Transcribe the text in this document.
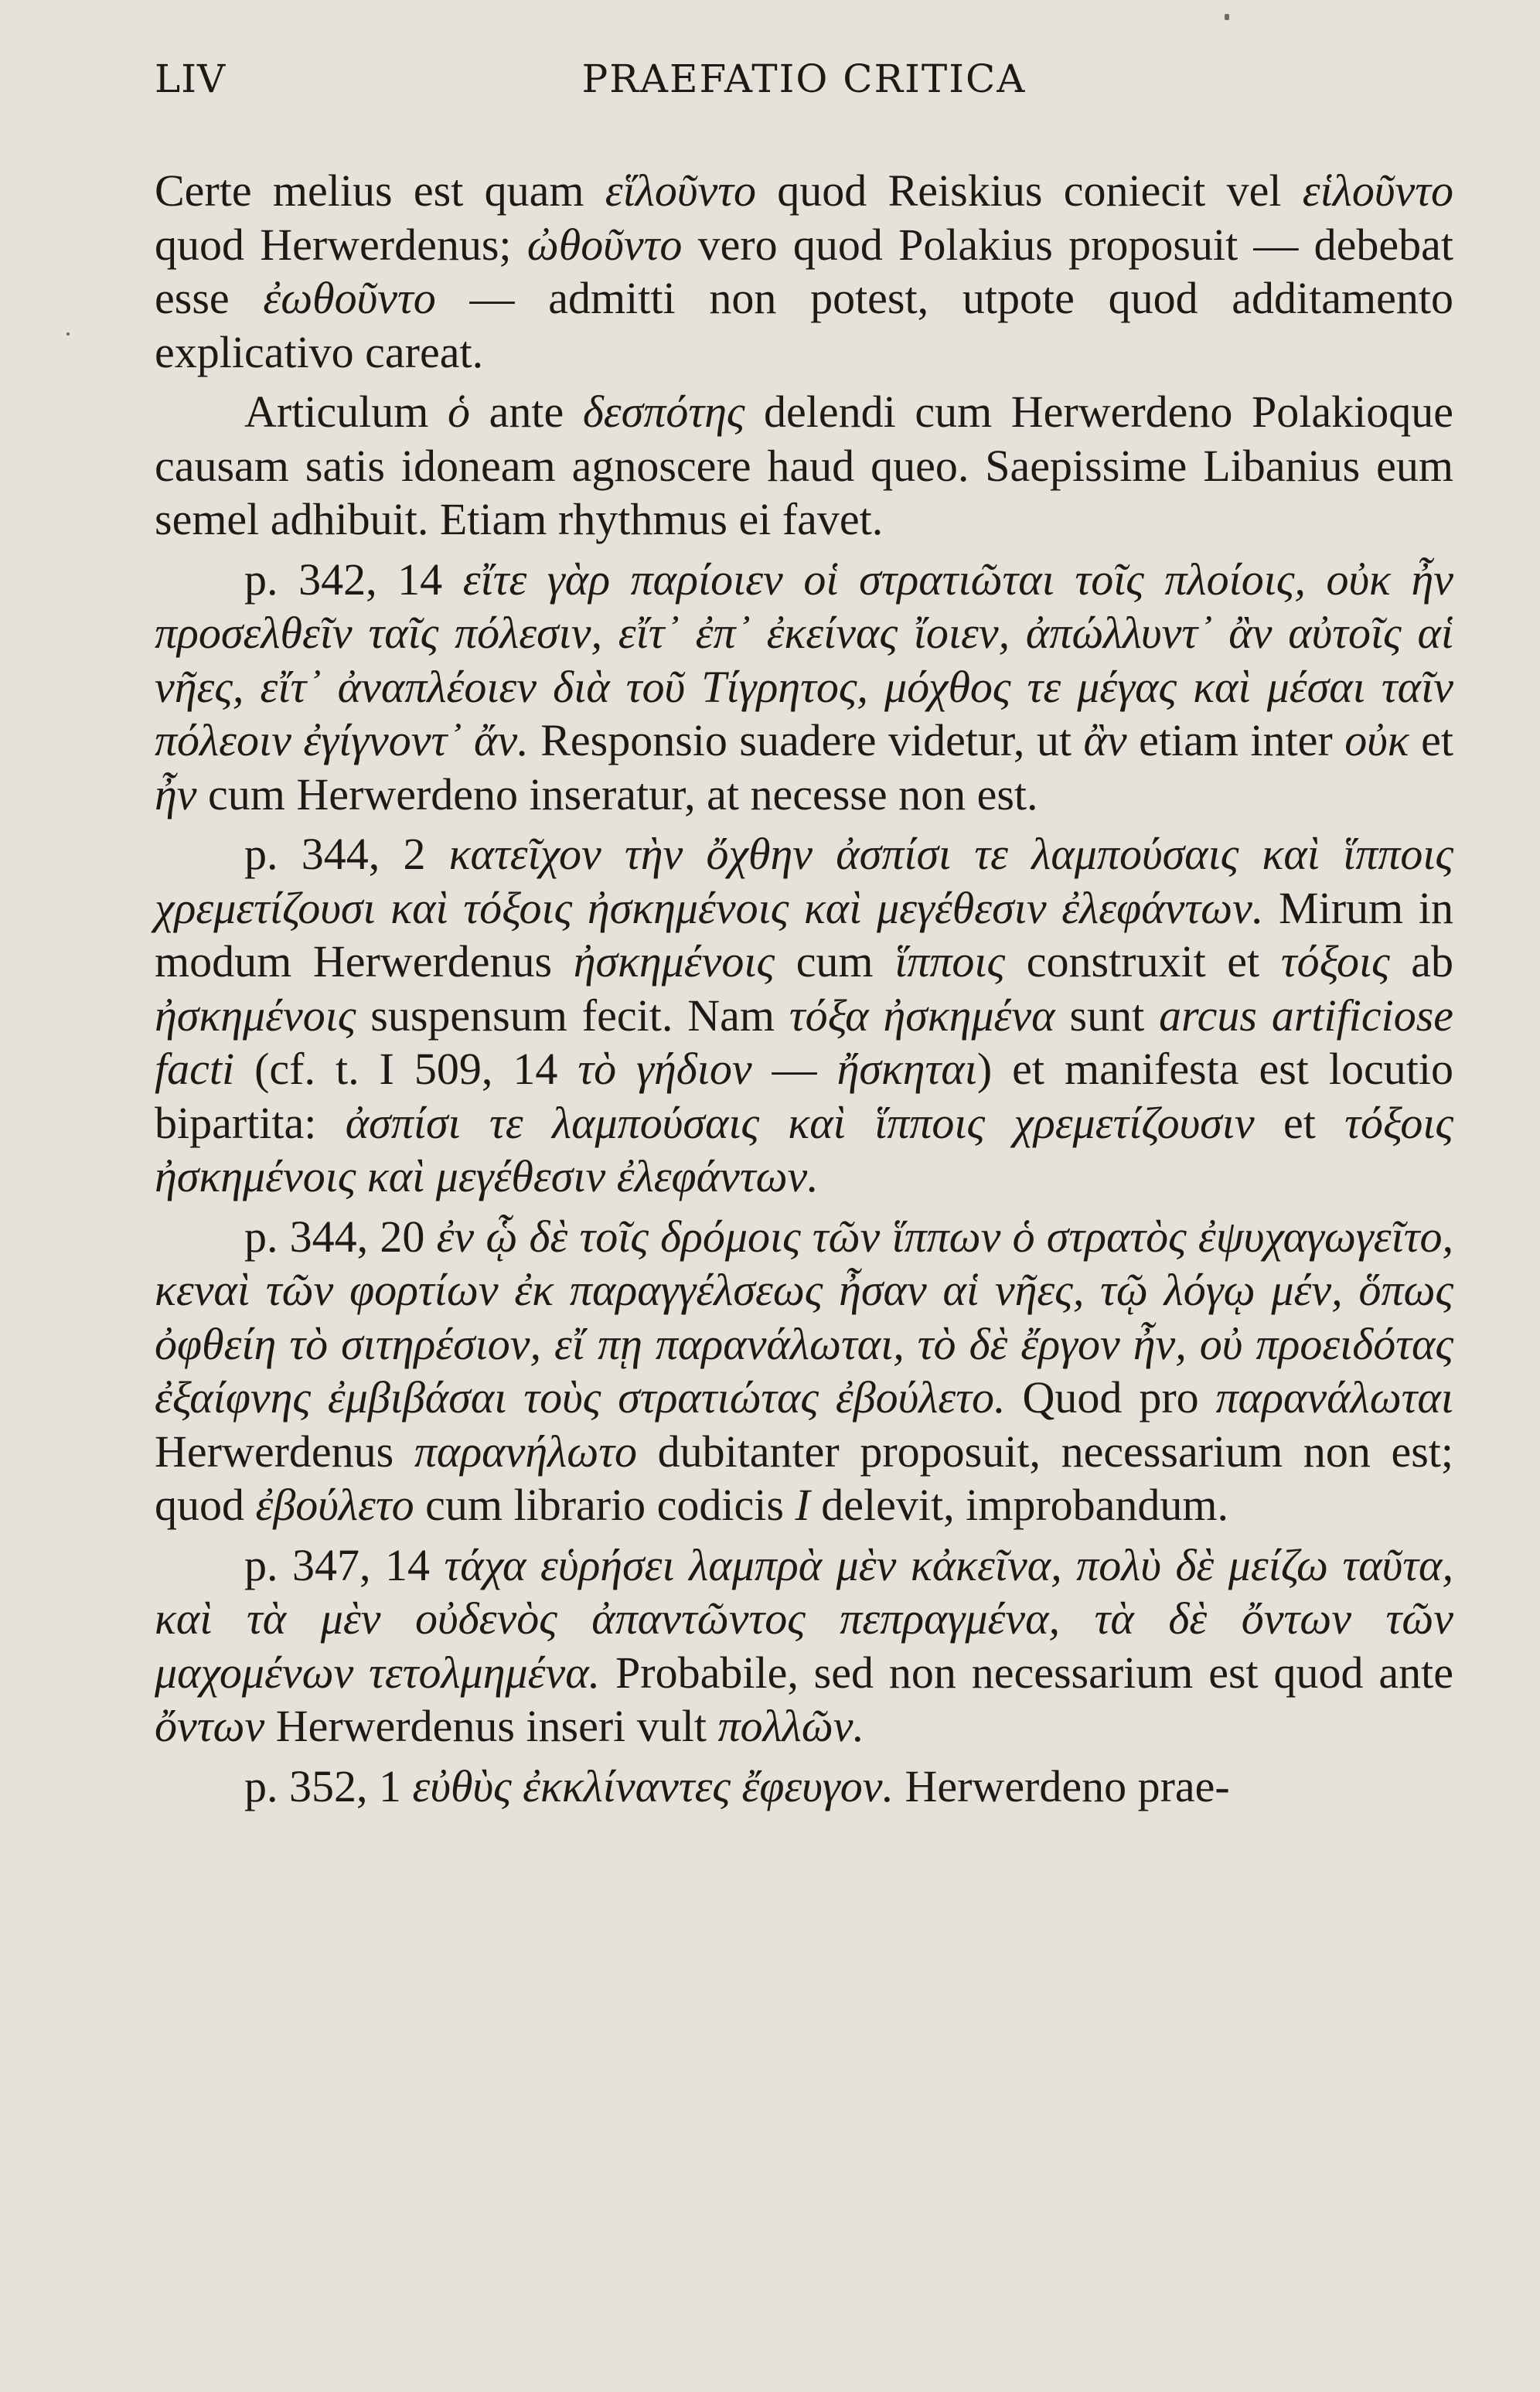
LIV	PRAEFATIO CRITICA

Certe melius est quam εἵλοῦντο quod Reiskius coniecit vel εἱλοῦντο quod Herwerdenus; ὠθοῦντο vero quod Polakius proposuit — debebat esse ἐωθοῦντο — admitti non potest, utpote quod additamento explicativo careat.

Articulum ὁ ante δεσπότης delendi cum Herwerdeno Polakioque causam satis idoneam agnoscere haud queo. Saepissime Libanius eum semel adhibuit. Etiam rhythmus ei favet.

p. 342, 14 εἴτε γὰρ παρίοιεν οἱ στρατιῶται τοῖς πλοίοις, οὐκ ἦν προσελθεῖν ταῖς πόλεσιν, εἴτ᾽ ἐπ᾽ ἐκείνας ἴοιεν, ἀπώλλυντ᾽ ἂν αὐτοῖς αἱ νῆες, εἴτ᾽ ἀναπλέοιεν διὰ τοῦ Τίγρητος, μόχθος τε μέγας καὶ μέσαι ταῖν πόλεοιν ἐγίγνοντ᾽ ἄν. Responsio suadere videtur, ut ἂν etiam inter οὐκ et ἦν cum Herwerdeno inseratur, at necesse non est.

p. 344, 2 κατεῖχον τὴν ὄχθην ἀσπίσι τε λαμπούσαις καὶ ἵπποις χρεμετίζουσι καὶ τόξοις ἠσκημένοις καὶ μεγέθεσιν ἐλεφάντων. Mirum in modum Herwerdenus ἠσκημένοις cum ἵπποις construxit et τόξοις ab ἠσκημένοις suspensum fecit. Nam τόξα ἠσκημένα sunt arcus artificiose facti (cf. t. I 509, 14 τὸ γήδιον — ἤσκηται) et manifesta est locutio bipartita: ἀσπίσι τε λαμπούσαις καὶ ἵπποις χρεμετίζουσιν et τόξοις ἠσκημένοις καὶ μεγέθεσιν ἐλεφάντων.

p. 344, 20 ἐν ᾧ δὲ τοῖς δρόμοις τῶν ἵππων ὁ στρατὸς ἐψυχαγωγεῖτο, κεναὶ τῶν φορτίων ἐκ παραγγέλσεως ἦσαν αἱ νῆες, τῷ λόγῳ μέν, ὅπως ὀφθείη τὸ σιτηρέσιον, εἴ πῃ παρανάλωται, τὸ δὲ ἔργον ἦν, οὐ προειδότας ἐξαίφνης ἐμβιβάσαι τοὺς στρατιώτας ἐβούλετο. Quod pro παρανάλωται Herwerdenus παρανήλωτο dubitanter proposuit, necessarium non est; quod ἐβούλετο cum librario codicis I delevit, improbandum.

p. 347, 14 τάχα εὑρήσει λαμπρὰ μὲν κἀκεῖνα, πολὺ δὲ μείζω ταῦτα, καὶ τὰ μὲν οὐδενὸς ἀπαντῶντος πεπραγμένα, τὰ δὲ ὄντων τῶν μαχομένων τετολμημένα. Probabile, sed non necessarium est quod ante ὄντων Herwerdenus inseri vult πολλῶν.

p. 352, 1 εὐθὺς ἐκκλίναντες ἔφευγον. Herwerdeno prae-
